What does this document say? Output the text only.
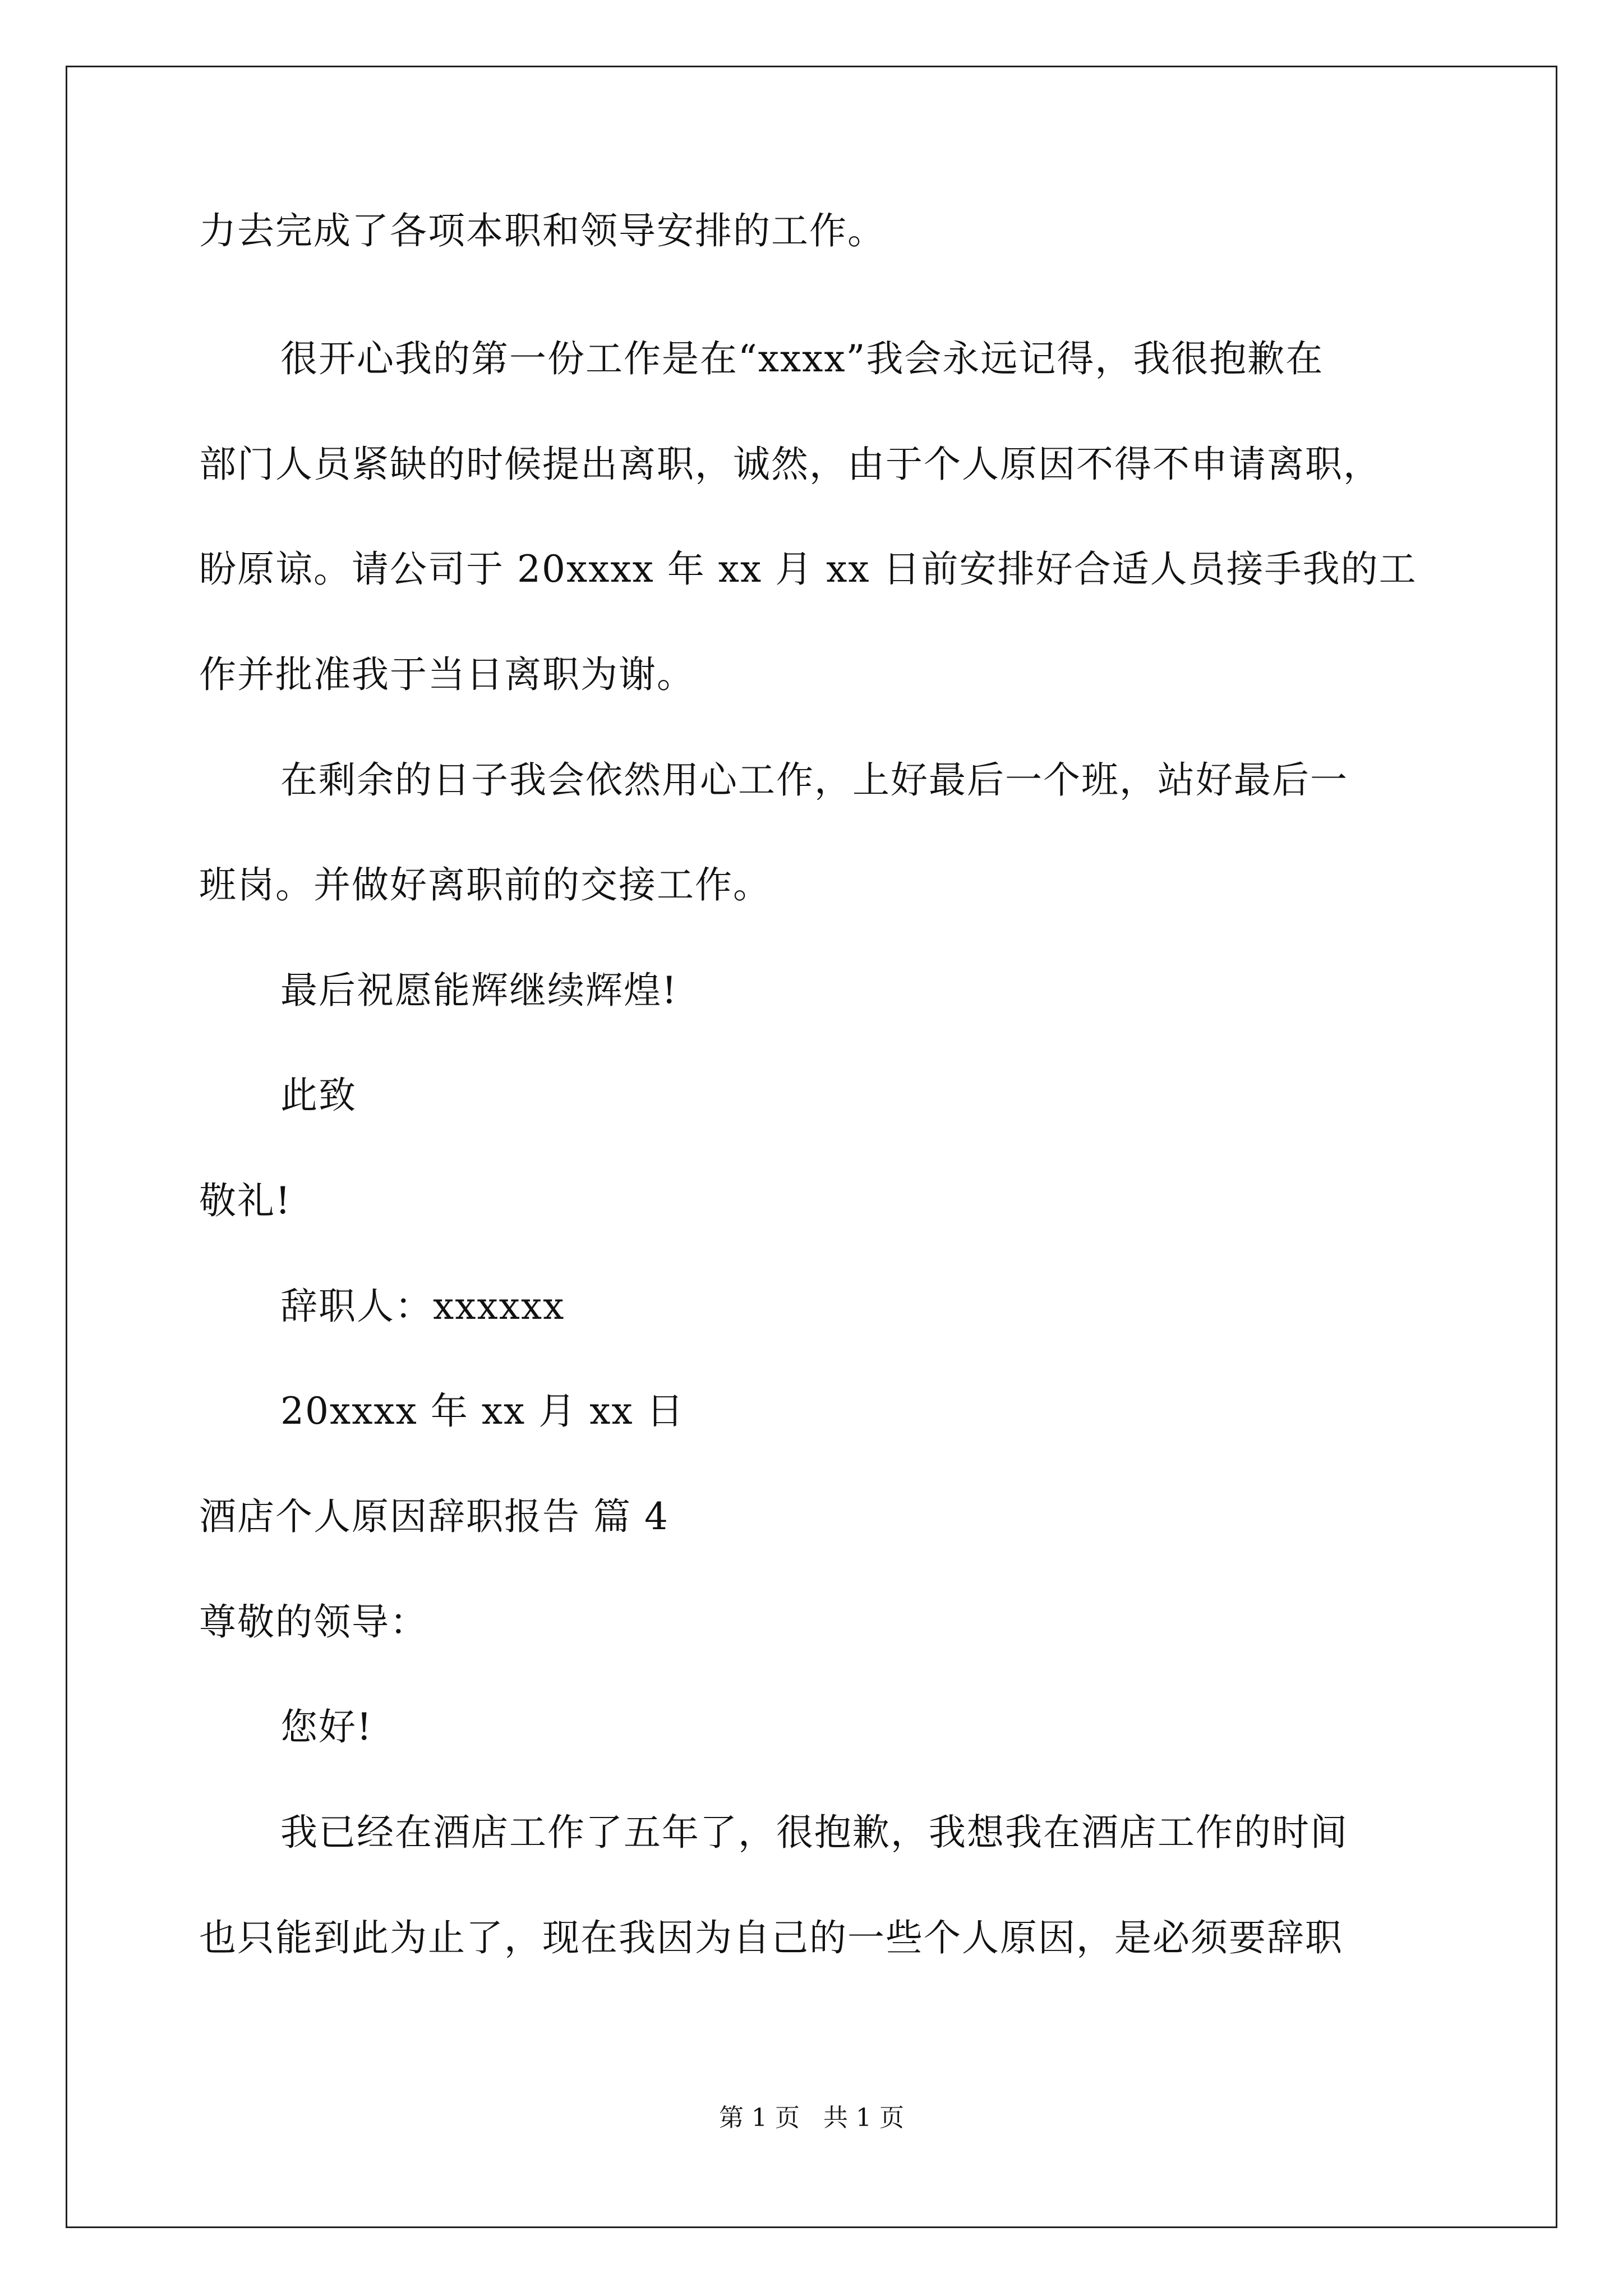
力去完成了各项本职和领导安排的工作。
很开心我的第一份工作是在“xxxx”我会永远记得，我很抱歉在
部门人员紧缺的时候提出离职，诚然，由于个人原因不得不申请离职，
盼原谅。请公司于 20xxxx 年 xx 月 xx 日前安排好合适人员接手我的工
作并批准我于当日离职为谢。
在剩余的日子我会依然用心工作，上好最后一个班，站好最后一
班岗。并做好离职前的交接工作。
最后祝愿能辉继续辉煌!
此致
敬礼!
辞职人：xxxxxx
20xxxx 年 xx 月 xx 日
酒店个人原因辞职报告 篇 4
尊敬的领导：
您好!
我已经在酒店工作了五年了，很抱歉，我想我在酒店工作的时间
也只能到此为止了，现在我因为自己的一些个人原因，是必须要辞职
第 1 页   共 1 页
